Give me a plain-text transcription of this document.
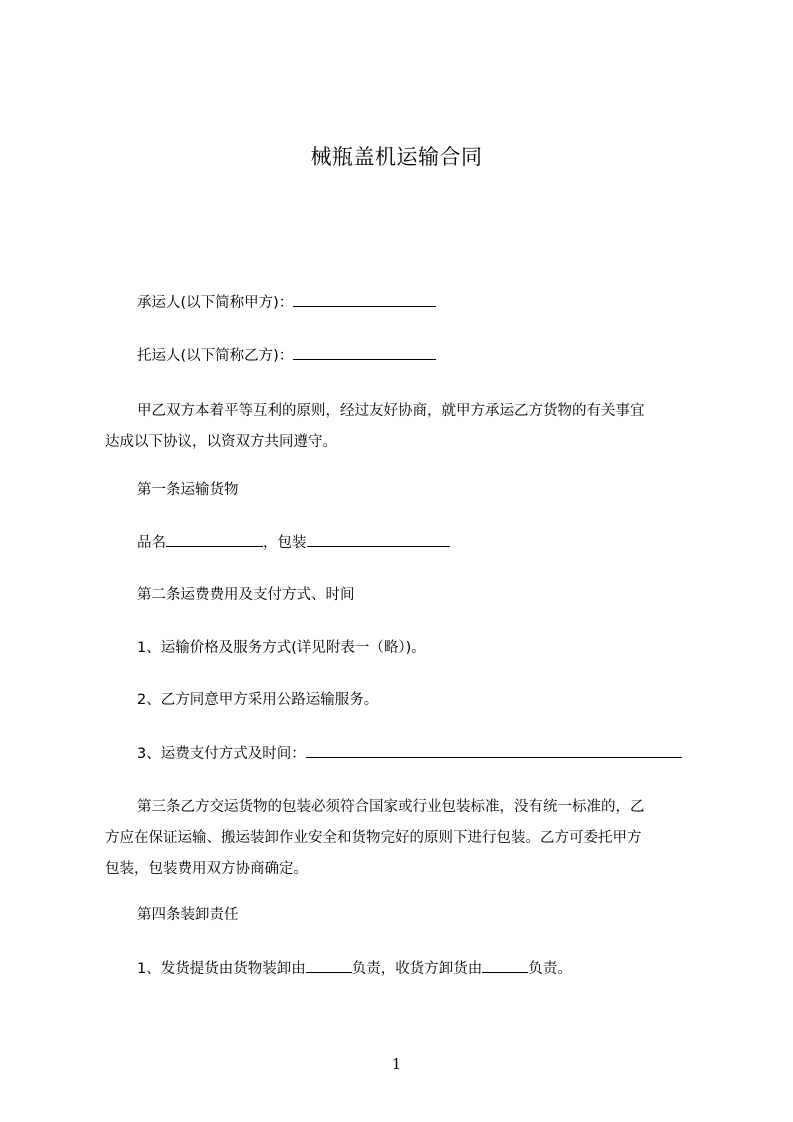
械瓶盖机运输合同
承运人(以下简称甲方)：
托运人(以下简称乙方)：
甲乙双方本着平等互利的原则，经过友好协商，就甲方承运乙方货物的有关事宜
达成以下协议，以资双方共同遵守。
第一条运输货物
品名	，包装
第二条运费费用及支付方式、时间
1、运输价格及服务方式(详见附表一（略）)。
2、乙方同意甲方采用公路运输服务。
3、运费支付方式及时间：
第三条乙方交运货物的包装必须符合国家或行业包装标准，没有统一标准的，乙
方应在保证运输、搬运装卸作业安全和货物完好的原则下进行包装。乙方可委托甲方
包装，包装费用双方协商确定。
第四条装卸责任
1、发货提货由货物装卸由	负责，收货方卸货由	负责。
1
